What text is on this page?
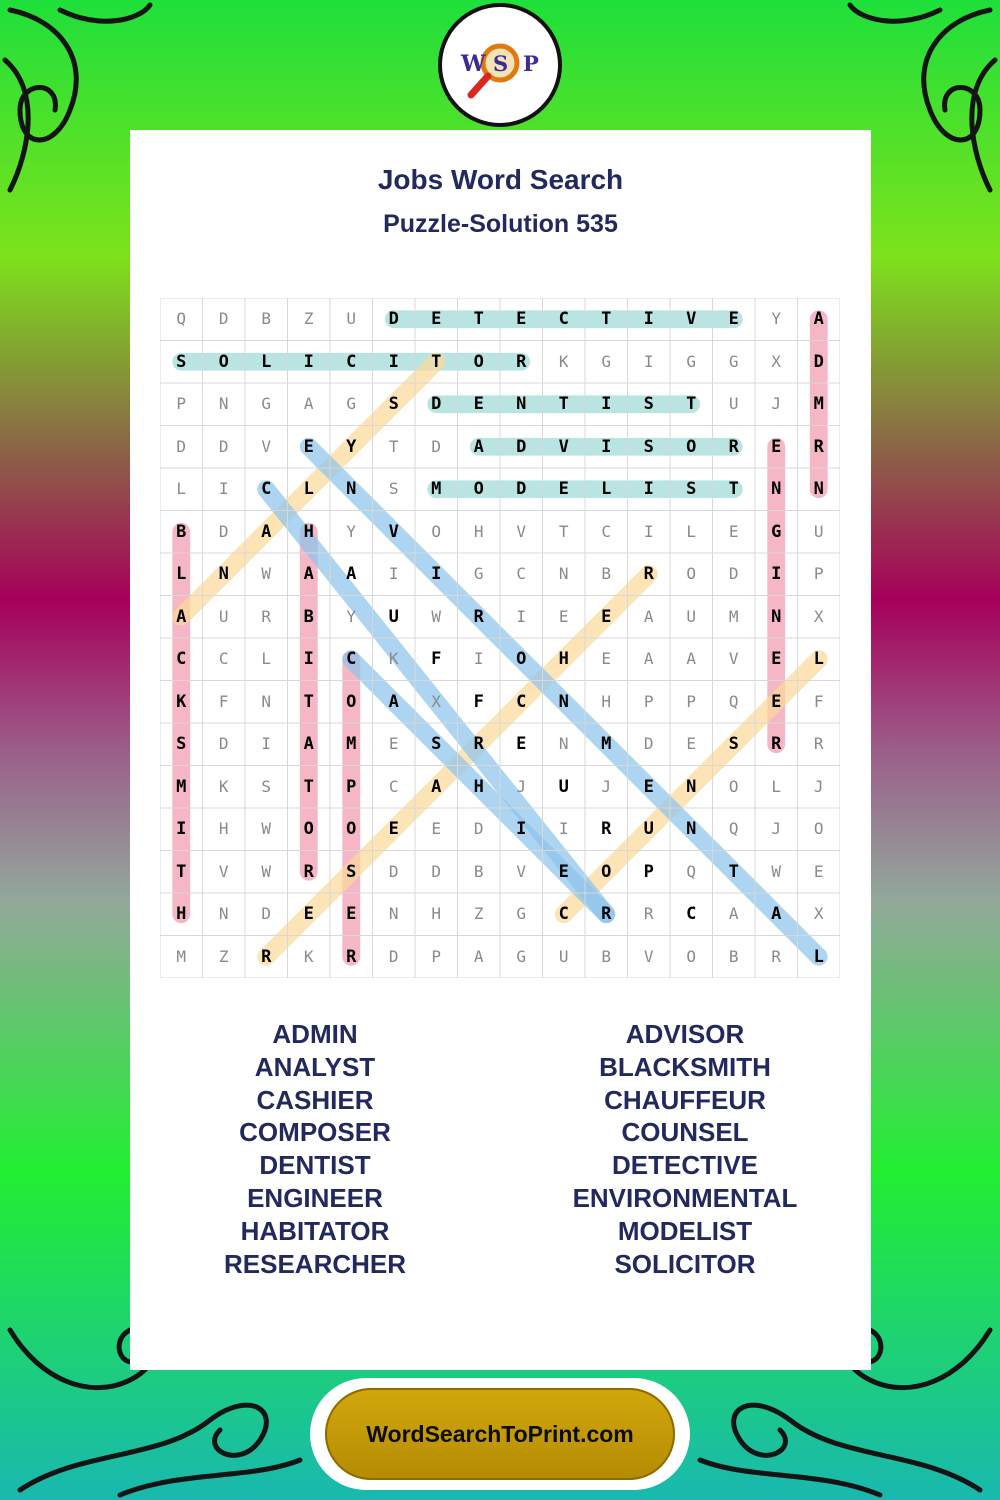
W S P
Jobs Word Search
Puzzle-Solution 535
Q	D	B	Z	U	D	E	T	E	C	T	I	V	E	Y	A
S	O	L	I	C	I	T	O	R	K	G	I	G	G	X	D
P	N	G	A	G	S	D	E	N	T	I	S	T	U	J	M
D	D	V	E	Y	T	D	A	D	V	I	S	O	R	E	R
L	I	C	L	N	S	M	O	D	E	L	I	S	T	N	N
B	D	A	H	Y	V	O	H	V	T	C	I	L	E	G	U
L	N	W	A	A	I	I	G	C	N	B	R	O	D	I	P
A	U	R	B	Y	U	W	R	I	E	E	A	U	M	N	X
C	C	L	I	C	K	F	I	O	H	E	A	A	V	E	L
K	F	N	T	O	A	X	F	C	N	H	P	P	Q	E	F
S	D	I	A	M	E	S	R	E	N	M	D	E	S	R	R
M	K	S	T	P	C	A	H	J	U	J	E	N	O	L	J
I	H	W	O	O	E	E	D	I	I	R	U	N	Q	J	O
T	V	W	R	S	D	D	B	V	E	O	P	Q	T	W	E
H	N	D	E	E	N	H	Z	G	C	R	R	C	A	A	X
M	Z	R	K	R	D	P	A	G	U	B	V	O	B	R	L
ADMIN
ANALYST
CASHIER
COMPOSER
DENTIST
ENGINEER
HABITATOR
RESEARCHER
ADVISOR
BLACKSMITH
CHAUFFEUR
COUNSEL
DETECTIVE
ENVIRONMENTAL
MODELIST
SOLICITOR
WordSearchToPrint.com
